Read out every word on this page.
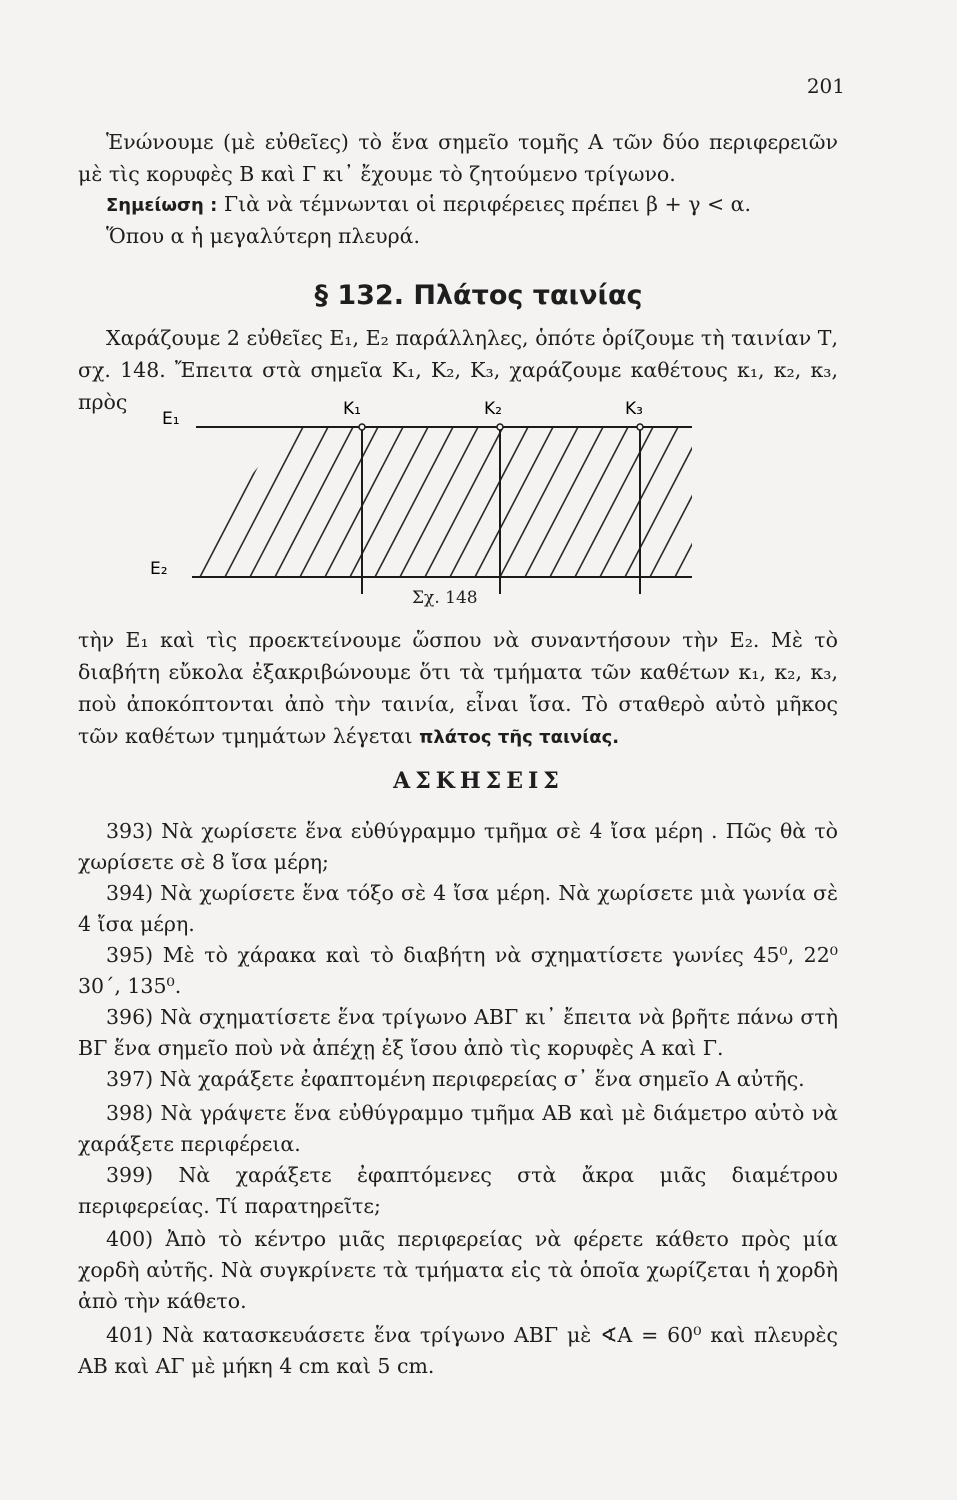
201

Ἑνώνουμε (μὲ εὐθεῖες) τὸ ἕνα σημεῖο τομῆς Α τῶν δύο περιφερειῶν μὲ τὶς κορυφὲς Β καὶ Γ κι᾽ ἔχουμε τὸ ζητούμενο τρίγωνο.

Σημείωση : Γιὰ νὰ τέμνωνται οἱ περιφέρειες πρέπει β + γ < α.
Ὅπου α ἡ μεγαλύτερη πλευρά.
§ 132. Πλάτος ταινίας

Χαράζουμε 2 εὐθεῖες Ε₁, Ε₂ παράλληλες, ὁπότε ὁρίζουμε τὴ ταινίαν Τ, σχ. 148. Ἔπειτα στὰ σημεῖα Κ₁, Κ₂, Κ₃, χαράζουμε καθέτους κ₁, κ₂, κ₃, πρὸς

Ε₁
Ε₂
Κ₁	Κ₂	Κ₃
Σχ. 148

τὴν Ε₁ καὶ τὶς προεκτείνουμε ὥσπου νὰ συναντήσουν τὴν Ε₂. Μὲ τὸ διαβήτη εὔκολα ἐξακριβώνουμε ὅτι τὰ τμήματα τῶν καθέτων κ₁, κ₂, κ₃, ποὺ ἀποκόπτονται ἀπὸ τὴν ταινία, εἶναι ἴσα. Τὸ σταθερὸ αὐτὸ μῆκος τῶν καθέτων τμημάτων λέγεται πλάτος τῆς ταινίας.

ΑΣΚΗΣΕΙΣ

393) Νὰ χωρίσετε ἕνα εὐθύγραμμο τμῆμα σὲ 4 ἴσα μέρη . Πῶς θὰ τὸ χωρίσετε σὲ 8 ἴσα μέρη;

394) Νὰ χωρίσετε ἕνα τόξο σὲ 4 ἴσα μέρη. Νὰ χωρίσετε μιὰ γωνία σὲ 4 ἴσα μέρη.

395) Μὲ τὸ χάρακα καὶ τὸ διαβήτη νὰ σχηματίσετε γωνίες 45⁰, 22⁰ 30΄, 135⁰.

396) Νὰ σχηματίσετε ἕνα τρίγωνο ΑΒΓ κι᾽ ἔπειτα νὰ βρῆτε πάνω στὴ ΒΓ ἕνα σημεῖο ποὺ νὰ ἀπέχῃ ἐξ ἴσου ἀπὸ τὶς κορυφὲς Α καὶ Γ.

397) Νὰ χαράξετε ἐφαπτομένη περιφερείας σ᾽ ἕνα σημεῖο Α αὐτῆς.

398) Νὰ γράψετε ἕνα εὐθύγραμμο τμῆμα ΑΒ καὶ μὲ διάμετρο αὐτὸ νὰ χαράξετε περιφέρεια.

399) Νὰ χαράξετε ἐφαπτόμενες στὰ ἄκρα μιᾶς διαμέτρου περιφερείας. Τί παρατηρεῖτε;

400) Ἀπὸ τὸ κέντρο μιᾶς περιφερείας νὰ φέρετε κάθετο πρὸς μία χορδὴ αὐτῆς. Νὰ συγκρίνετε τὰ τμήματα εἰς τὰ ὁποῖα χωρίζεται ἡ χορδὴ ἀπὸ τὴν κάθετο.

401) Νὰ κατασκευάσετε ἕνα τρίγωνο ΑΒΓ μὲ ∢Α = 60⁰ καὶ πλευρὲς ΑΒ καὶ ΑΓ μὲ μήκη 4 cm καὶ 5 cm.
